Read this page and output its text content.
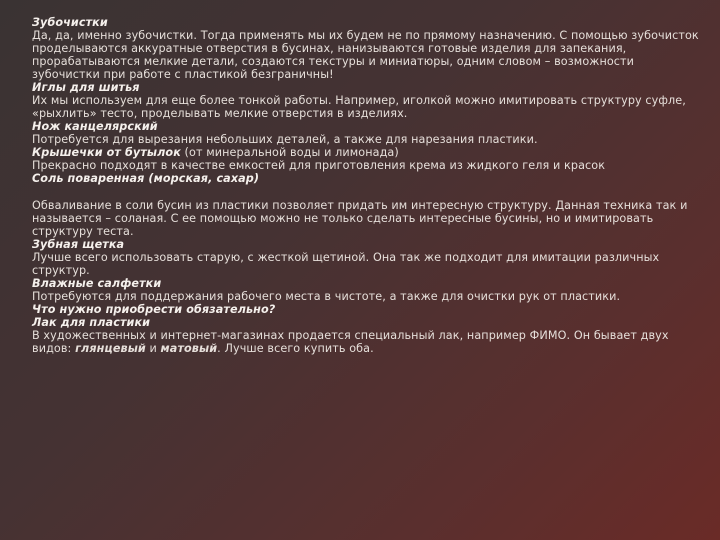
Зубочистки
Да, да, именно зубочистки. Тогда применять мы их будем не по прямому назначению. С помощью зубочисток проделываются аккуратные отверстия в бусинах, нанизываются готовые изделия для запекания, прорабатываются мелкие детали, создаются текстуры и миниатюры, одним словом – возможности зубочистки при работе с пластикой безграничны!
Иглы для шитья
Их мы используем для еще более тонкой работы. Например, иголкой можно имитировать структуру суфле, «рыхлить» тесто, проделывать мелкие отверстия в изделиях.
Нож канцелярский
Потребуется для вырезания небольших деталей, а также для нарезания пластики.
Крышечки от бутылок (от минеральной воды и лимонада)
Прекрасно подходят в качестве емкостей для приготовления крема из жидкого геля и красок
Соль поваренная (морская, сахар)
Обваливание в соли бусин из пластики позволяет придать им интересную структуру. Данная техника так и называется – соланая. С ее помощью можно не только сделать интересные бусины, но и имитировать структуру теста.
Зубная щетка
Лучше всего использовать старую, с жесткой щетиной. Она так же подходит для имитации различных структур.
Влажные салфетки
Потребуются для поддержания рабочего места в чистоте, а также для очистки рук от пластики.
Что нужно приобрести обязательно?
Лак для пластики
В художественных и интернет-магазинах продается специальный лак, например ФИМО. Он бывает двух видов: глянцевый и матовый. Лучше всего купить оба.
